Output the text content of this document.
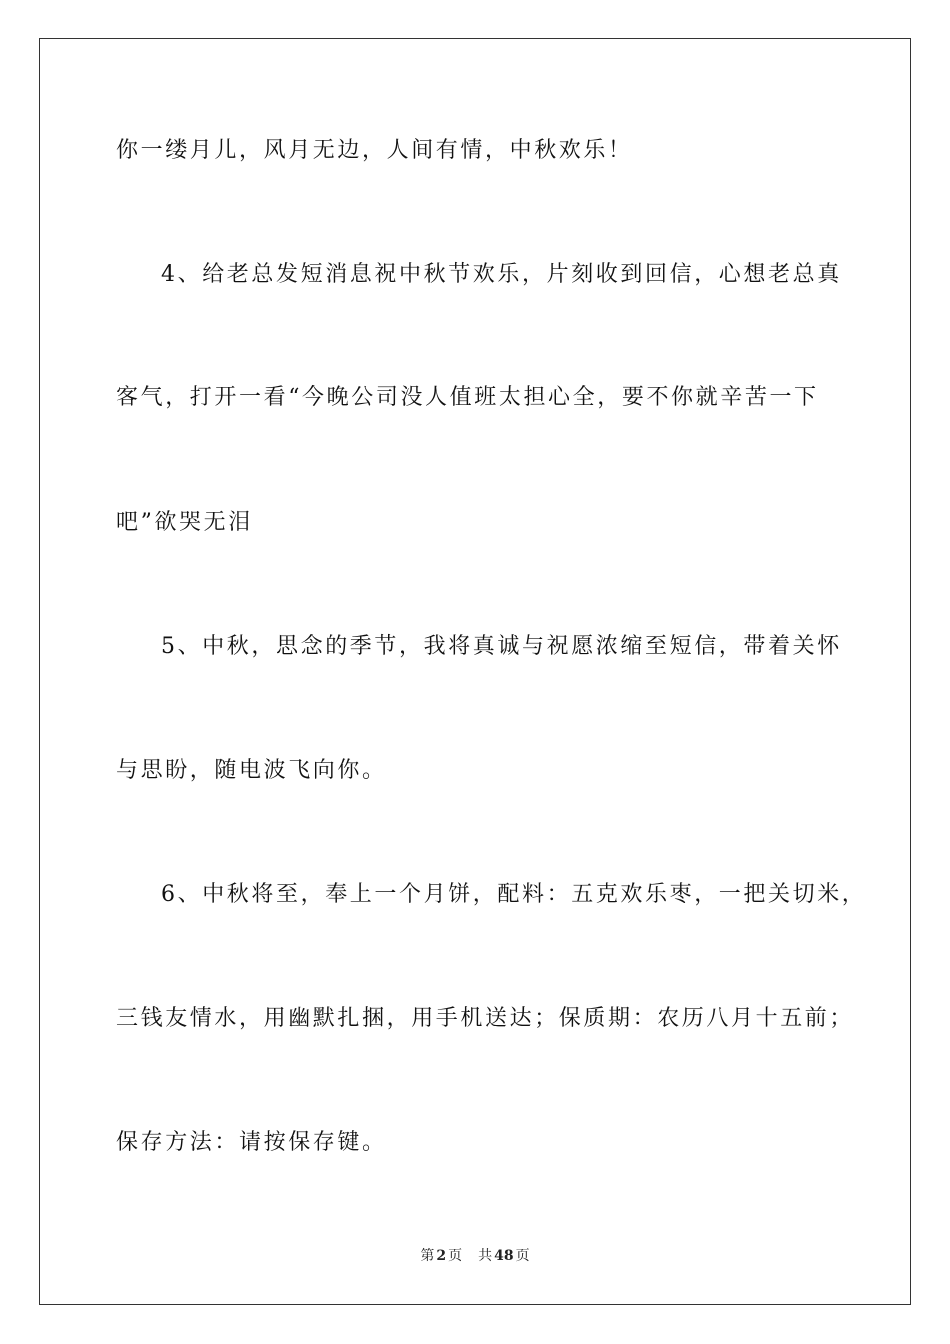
你一缕月儿，风月无边，人间有情，中秋欢乐！
4、给老总发短消息祝中秋节欢乐，片刻收到回信，心想老总真
客气，打开一看“今晚公司没人值班太担心全，要不你就辛苦一下
吧”欲哭无泪
5、中秋，思念的季节，我将真诚与祝愿浓缩至短信，带着关怀
与思盼，随电波飞向你。
6、中秋将至，奉上一个月饼，配料：五克欢乐枣，一把关切米，
三钱友情水，用幽默扎捆，用手机送达；保质期：农历八月十五前；
保存方法：请按保存键。
第 2 页 共 48 页
